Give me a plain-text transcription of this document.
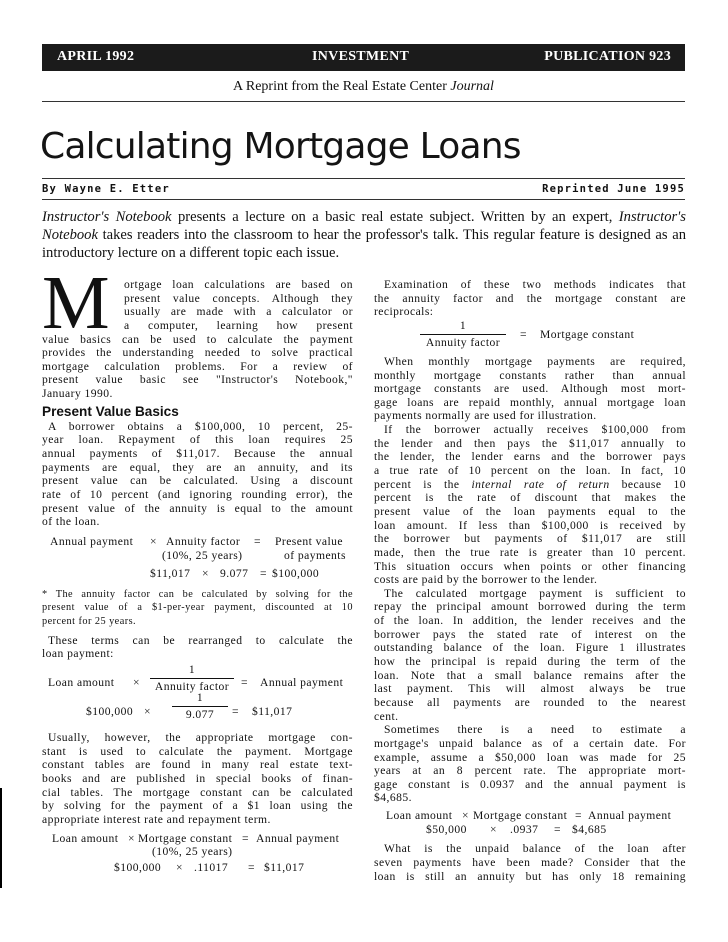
APRIL 1992	INVESTMENT	PUBLICATION 923
A Reprint from the Real Estate Center Journal
Calculating Mortgage Loans
By Wayne E. Etter	Reprinted June 1995
Instructor's Notebook presents a lecture on a basic real estate subject. Written by an expert, Instructor's Notebook takes readers into the classroom to hear the professor's talk. This regular feature is designed as an introductory lecture on a different topic each issue.
M ortgage loan calculations are based on
present value concepts. Although they
usually are made with a calculator or
a computer, learning how present
value basics can be used to calculate the payment
provides the understanding needed to solve practical
mortgage calculation problems. For a review of
present value basic see "Instructor's Notebook,"
January 1990.
Present Value Basics
A borrower obtains a $100,000, 10 percent, 25-
year loan. Repayment of this loan requires 25
annual payments of $11,017. Because the annual
payments are equal, they are an annuity, and its
present value can be calculated. Using a discount
rate of 10 percent (and ignoring rounding error), the
present value of the annuity is equal to the amount
of the loan.
Annual payment × Annuity factor = Present value
(10%, 25 years)	of payments
$11,017 × 9.077 = $100,000
* The annuity factor can be calculated by solving for the
present value of a $1-per-year payment, discounted at 10
percent for 25 years.
These terms can be rearranged to calculate the
loan payment:
Loan amount ×
1
Annuity factor	= Annual payment
$100,000 ×
1
9.077	= $11,017
Usually, however, the appropriate mortgage con-
stant is used to calculate the payment. Mortgage
constant tables are found in many real estate text-
books and are published in special books of finan-
cial tables. The mortgage constant can be calculated
by solving for the payment of a $1 loan using the
appropriate interest rate and repayment term.
Loan amount × Mortgage constant = Annual payment
(10%, 25 years)
$100,000 × .11017 = $11,017
Examination of these two methods indicates that
the annuity factor and the mortgage constant are
reciprocals:
1
Annuity factor
= Mortgage constant
When monthly mortgage payments are required,
monthly mortgage constants rather than annual
mortgage constants are used. Although most mort-
gage loans are repaid monthly, annual mortgage loan
payments normally are used for illustration.
If the borrower actually receives $100,000 from
the lender and then pays the $11,017 annually to
the lender, the lender earns and the borrower pays
a true rate of 10 percent on the loan. In fact, 10
percent is the internal rate of return because 10
percent is the rate of discount that makes the
present value of the loan payments equal to the
loan amount. If less than $100,000 is received by
the borrower but payments of $11,017 are still
made, then the true rate is greater than 10 percent.
This situation occurs when points or other financing
costs are paid by the borrower to the lender.
The calculated mortgage payment is sufficient to
repay the principal amount borrowed during the term
of the loan. In addition, the lender receives and the
borrower pays the stated rate of interest on the
outstanding balance of the loan. Figure 1 illustrates
how the principal is repaid during the term of the
loan. Note that a small balance remains after the
last payment. This will almost always be true
because all payments are rounded to the nearest
cent.
Sometimes there is a need to estimate a
mortgage's unpaid balance as of a certain date. For
example, assume a $50,000 loan was made for 25
years at an 8 percent rate. The appropriate mort-
gage constant is 0.0937 and the annual payment is
$4,685.
Loan amount × Mortgage constant = Annual payment
$50,000 × .0937 = $4,685
What is the unpaid balance of the loan after
seven payments have been made? Consider that the
loan is still an annuity but has only 18 remaining
